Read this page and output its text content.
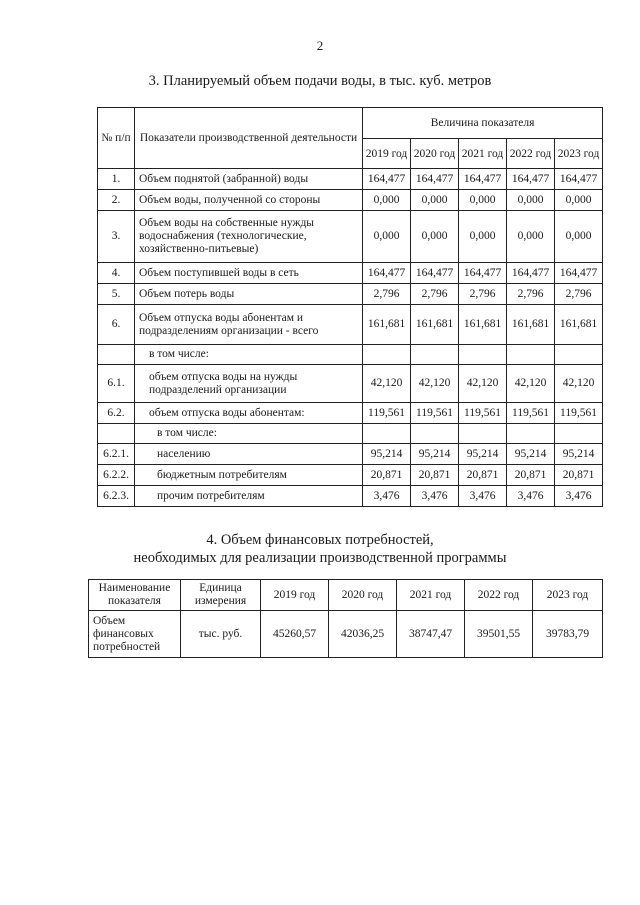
2
3. Планируемый объем подачи воды, в тыс. куб. метров
№ п/п	Показатели производственной деятельности	Величина показателя				
		2019 год	2020 год	2021 год	2022 год	2023 год
1.	Объем поднятой (забранной) воды	164,477	164,477	164,477	164,477	164,477
2.	Объем воды, полученной со стороны	0,000	0,000	0,000	0,000	0,000
3.	Объем воды на собственные нужды водоснабжения (технологические, хозяйственно-питьевые)	0,000	0,000	0,000	0,000	0,000
4.	Объем поступившей воды в сеть	164,477	164,477	164,477	164,477	164,477
5.	Объем потерь воды	2,796	2,796	2,796	2,796	2,796
6.	Объем отпуска воды абонентам и подразделениям организации - всего	161,681	161,681	161,681	161,681	161,681
	в том числе:					
6.1.	объем отпуска воды на нужды подразделений организации	42,120	42,120	42,120	42,120	42,120
6.2.	объем отпуска воды абонентам:	119,561	119,561	119,561	119,561	119,561
	в том числе:					
6.2.1.	населению	95,214	95,214	95,214	95,214	95,214
6.2.2.	бюджетным потребителям	20,871	20,871	20,871	20,871	20,871
6.2.3.	прочим потребителям	3,476	3,476	3,476	3,476	3,476
4. Объем финансовых потребностей,
необходимых для реализации производственной программы
Наименование показателя	Единица измерения	2019 год	2020 год	2021 год	2022 год	2023 год
Объем финансовых потребностей	тыс. руб.	45260,57	42036,25	38747,47	39501,55	39783,79
